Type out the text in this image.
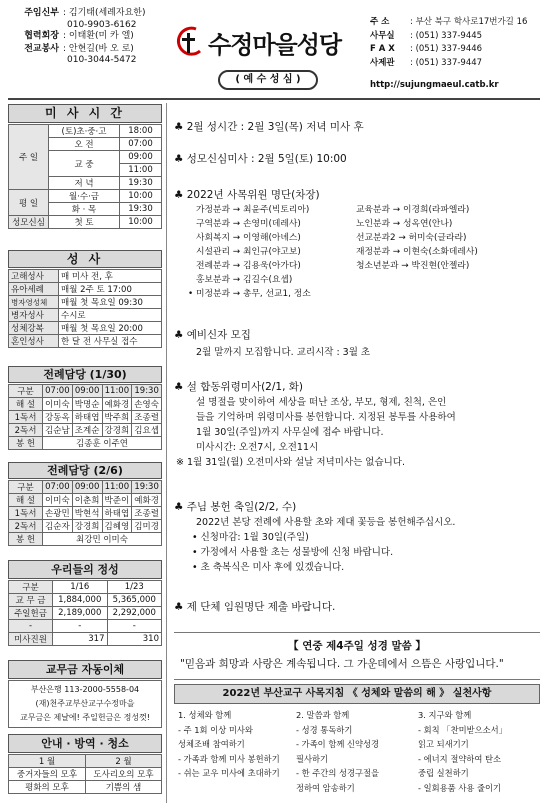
주임신부 : 김기태(세례자요한)
010-9903-6162
협력회장 : 이태환(미 카 엘)
전교봉사 : 안현길(바 오 로)
010-3044-5472
수정마을성당
( 예 수 성 심 )
주 소	: 부산 북구 학사로17번가길 16
사무실	: (051) 337-9445
F A X	: (051) 337-9446
사제관	: (051) 337-9447
http://sujungmaeul.catb.kr
미 사 시 간
주 일	(토)초·중·고	18:00
	오 전	07:00
	교 중	09:00
		11:00
	저 녁	19:30
평 일	월·수·금	10:00
	화 · 목	19:30
성모신심	첫 토	10:00
성 사
고해성사	매 미사 전, 후
유아세례	매월 2주 토 17:00
병자영성체	매월 첫 목요일 09:30
병자성사	수시로
성체강복	매월 첫 목요일 20:00
혼인성사	한 달 전 사무실 접수
전례담당 (1/30)
구분	07:00	09:00	11:00	19:30
해 설	이미숙	박명순	예화경	손영숙
1독서	강동옥	하태엽	박주희	조종렬
2독서	김순남	조계순	강경희	김요셉
봉 헌	김종훈 이주연			
전례담당 (2/6)
구분	07:00	09:00	11:00	19:30
해 설	이미숙	이춘희	박준이	예화경
1독서	손광민	박현석	하태엽	조종렬
2독서	김순자	강경희	김혜영	김미경
봉 헌	최강민 이미숙			
우리들의 정성
구분	1/16	1/23
교 무 금	1,884,000	5,365,000
주일헌금	2,189,000	2,292,000
-	-	-
미사진원	317	310
교무금 자동이체
부산은행 113-2000-5558-04
(재)천주교부산교구수정마을
교무금은 제날에! 주일헌금은 정성껏!
안내 · 방역 · 청소
1 월	2 월
중거자들의 모후	도사리오의 모후
평화의 모후	기쁨의 샘
♣ 2월 성시간 : 2월 3일(목) 저녁 미사 후
♣ 성모신심미사 : 2월 5일(토) 10:00
♣ 2022년 사목위원 명단(차장)
가정분과 → 최윤주(빅토리아)	교육분과 → 이경희(라파엘라)
구역분과 → 손영미(데레사)	노인분과 → 성옥연(안나)
사회복지 → 이영해(아녜스)	선교분과2 → 허미숙(글라라)
시설관리 → 최인규(야고보)	재정분과 → 이현숙(소화데레사)
전례분과 → 김용욱(아가다)	청소년분과 → 박진현(안젤라)
홍보분과 → 김길수(요셉)
• 미정분과 → 총무, 선교1, 정소
♣ 예비신자 모집
2월 말까지 모집합니다. 교리시작 : 3월 초
♣ 설 합동위령미사(2/1, 화)
설 명절을 맞이하여 세상을 떠난 조상, 부모, 형제, 친척, 은인
들을 기억하며 위령미사를 봉헌합니다. 지정된 봉투를 사용하여
1월 30일(주일)까지 사무실에 접수 바랍니다.
미사시간: 오전7시, 오전11시
※ 1월 31일(월) 오전미사와 설날 저녁미사는 없습니다.
♣ 주님 봉헌 축일(2/2, 수)
2022년 본당 전례에 사용할 초와 제대 꽃등을 봉헌해주십시오.
• 신청마감: 1월 30일(주일)
• 가정에서 사용할 초는 성물방에 신청 바랍니다.
• 초 축복식은 미사 후에 있겠습니다.
♣ 제 단체 임원명단 제출 바랍니다.
【 연중 제4주일 성경 말씀 】
"믿음과 희망과 사랑은 계속됩니다. 그 가운데에서 으뜸은 사랑입니다."
2022년 부산교구 사목지침 《 성체와 말씀의 해 》 실천사항
1. 성체와 함께
- 주 1회 이상 미사와
성체조배 참여하기
- 가족과 함께 미사 봉헌하기
- 쉬는 교우 미사에 초대하기
2. 말씀과 함께
- 성경 통독하기
- 가족이 함께 신약성경
필사하기
- 한 주간의 성경구절을
정하여 암송하기
3. 지구와 함께
- 회칙 「찬미받으소서」
읽고 되새기기
- 에너지 절약하여 탄소
중립 실천하기
- 일회용품 사용 줄이기
